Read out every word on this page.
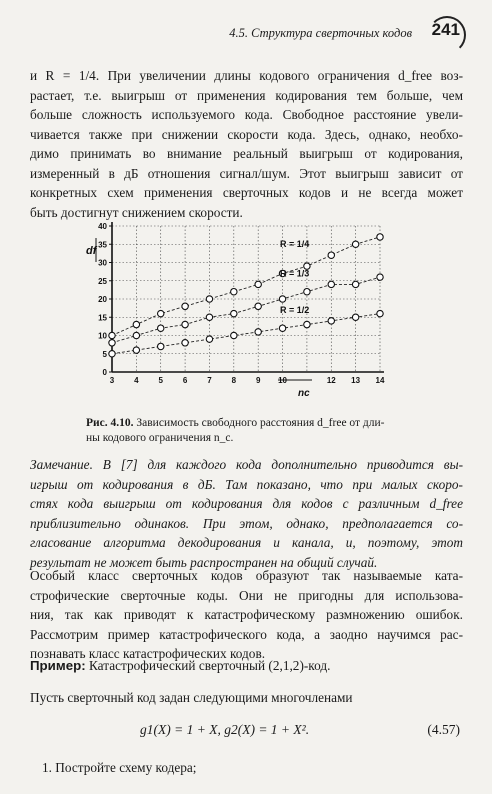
4.5. Структура сверточных кодов 241
и R = 1/4. При увеличении длины кодового ограничения d_free воз-
растает, т.е. выигрыш от применения кодирования тем больше, чем
больше сложность используемого кода. Свободное расстояние увели-
чивается также при снижении скорости кода. Здесь, однако, необхо-
димо принимать во внимание реальный выигрыш от кодирования,
измеренный в дБ отношения сигнал/шум. Этот выигрыш зависит от
конкретных схем применения сверточных кодов и не всегда может
быть достигнут снижением скорости.
0
5
10
15
20
25
30
35
40
3 4 5 6 7 8 9 10	12 13 14
df
nc
R = 1/4
R = 1/3
R = 1/2
Рис. 4.10. Зависимость свободного расстояния d_free от дли-
ны кодового ограничения n_c.
Замечание. В [7] для каждого кода дополнительно приводится вы-
игрыш от кодирования в дБ. Там показано, что при малых скоро-
стях кода выигрыш от кодирования для кодов с различным d_free
приблизительно одинаков. При этом, однако, предполагается со-
гласование алгоритма декодирования и канала, и, поэтому, этот
результат не может быть распространен на общий случай.
Особый класс сверточных кодов образуют так называемые ката-
строфические сверточные коды. Они не пригодны для использова-
ния, так как приводят к катастрофическому размножению ошибок.
Рассмотрим пример катастрофического кода, а заодно научимся рас-
познавать класс катастрофических кодов.
Пример: Катастрофический сверточный (2,1,2)-код.
Пусть сверточный код задан следующими многочленами
g1(X) = 1 + X, g2(X) = 1 + X².	(4.57)
1. Постройте схему кодера;
